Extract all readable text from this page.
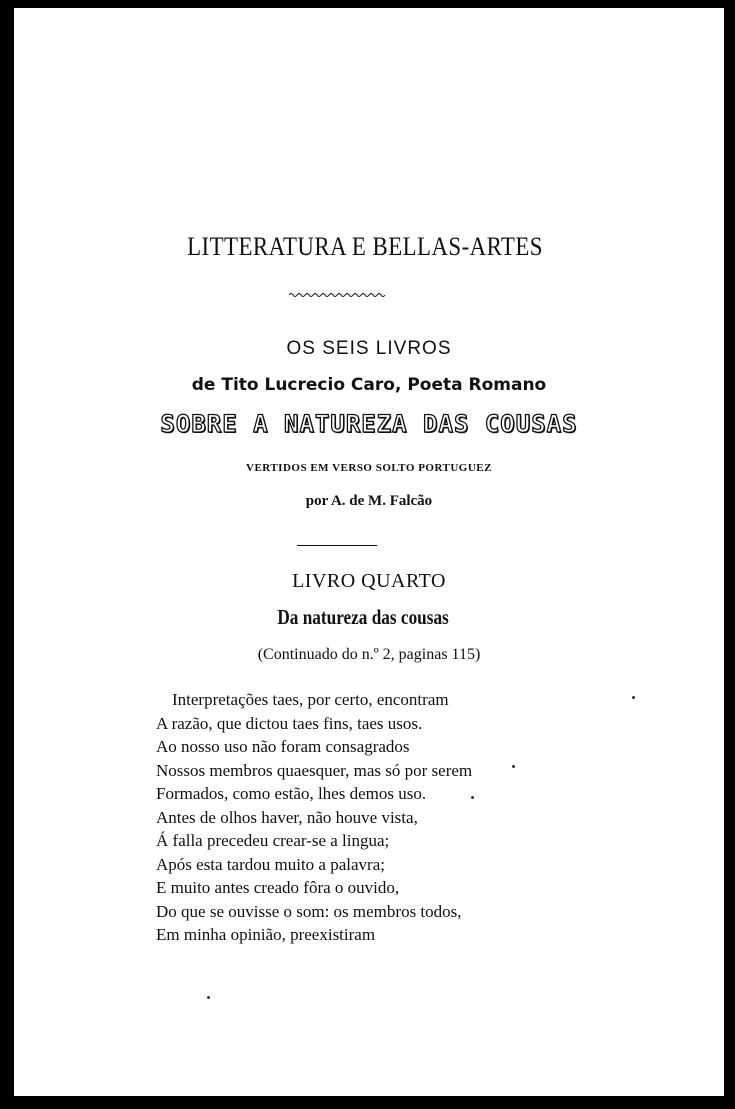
LITTERATURA E BELLAS-ARTES
OS SEIS LIVROS
de Tito Lucrecio Caro, Poeta Romano
SOBRE A NATUREZA DAS COUSAS
VERTIDOS EM VERSO SOLTO PORTUGUEZ
por A. de M. Falcão
LIVRO QUARTO
Da natureza das cousas
(Continuado do n.º 2, paginas 115)
Interpretações taes, por certo, encontram
A razão, que dictou taes fins, taes usos.
Ao nosso uso não foram consagrados
Nossos membros quaesquer, mas só por serem
Formados, como estão, lhes demos uso.
Antes de olhos haver, não houve vista,
Á falla precedeu crear-se a lingua;
Após esta tardou muito a palavra;
E muito antes creado fôra o ouvido,
Do que se ouvisse o som: os membros todos,
Em minha opinião, preexistiram
